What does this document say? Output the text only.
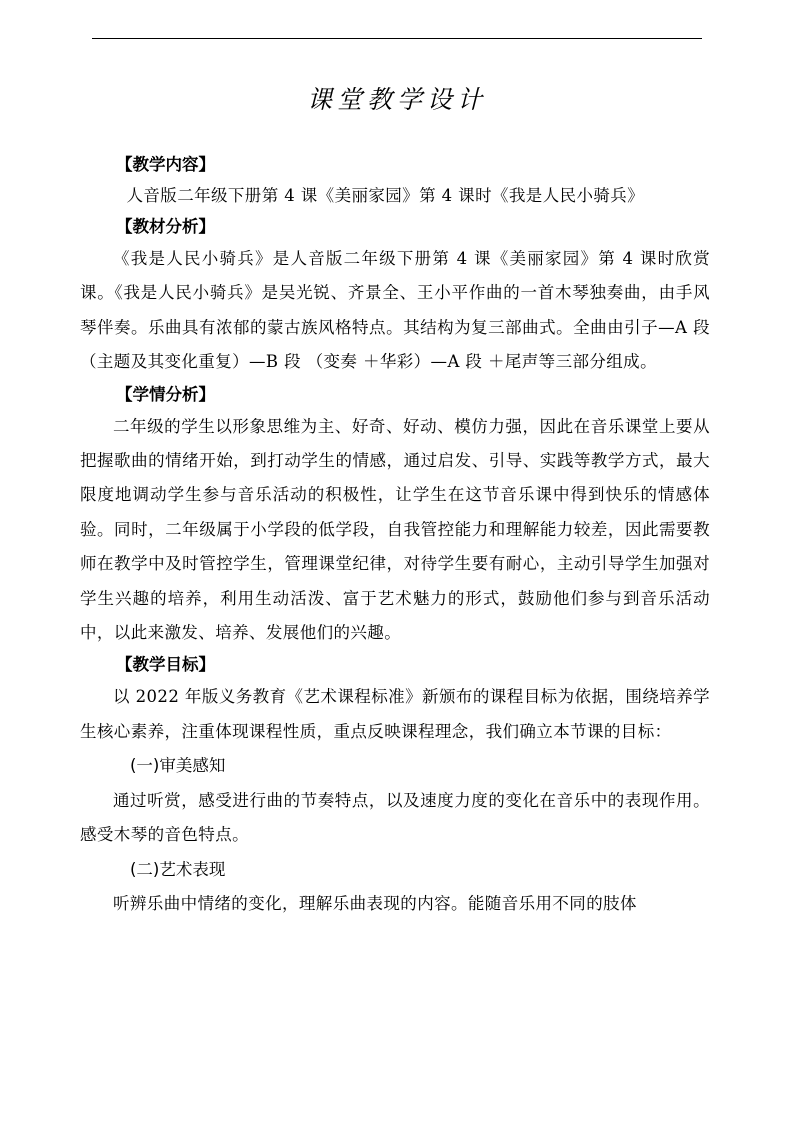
课堂教学设计
【教学内容】
人音版二年级下册第 4 课《美丽家园》第 4 课时《我是人民小骑兵》
【教材分析】
《我是人民小骑兵》是人音版二年级下册第 4 课《美丽家园》第 4 课时欣赏课。《我是人民小骑兵》是吴光锐、齐景全、王小平作曲的一首木琴独奏曲，由手风琴伴奏。乐曲具有浓郁的蒙古族风格特点。其结构为复三部曲式。全曲由引子—A 段 （主题及其变化重复）—B 段 （变奏 ＋华彩）—A 段 ＋尾声等三部分组成。
【学情分析】
二年级的学生以形象思维为主、好奇、好动、模仿力强，因此在音乐课堂上要从把握歌曲的情绪开始，到打动学生的情感，通过启发、引导、实践等教学方式，最大限度地调动学生参与音乐活动的积极性，让学生在这节音乐课中得到快乐的情感体验。同时，二年级属于小学段的低学段，自我管控能力和理解能力较差，因此需要教师在教学中及时管控学生，管理课堂纪律，对待学生要有耐心，主动引导学生加强对学生兴趣的培养，利用生动活泼、富于艺术魅力的形式，鼓励他们参与到音乐活动中，以此来激发、培养、发展他们的兴趣。
【教学目标】
以 2022 年版义务教育《艺术课程标准》新颁布的课程目标为依据，围绕培养学生核心素养，注重体现课程性质，重点反映课程理念，我们确立本节课的目标：
(一)审美感知
通过听赏，感受进行曲的节奏特点，以及速度力度的变化在音乐中的表现作用。感受木琴的音色特点。
(二)艺术表现
听辨乐曲中情绪的变化，理解乐曲表现的内容。能随音乐用不同的肢体
